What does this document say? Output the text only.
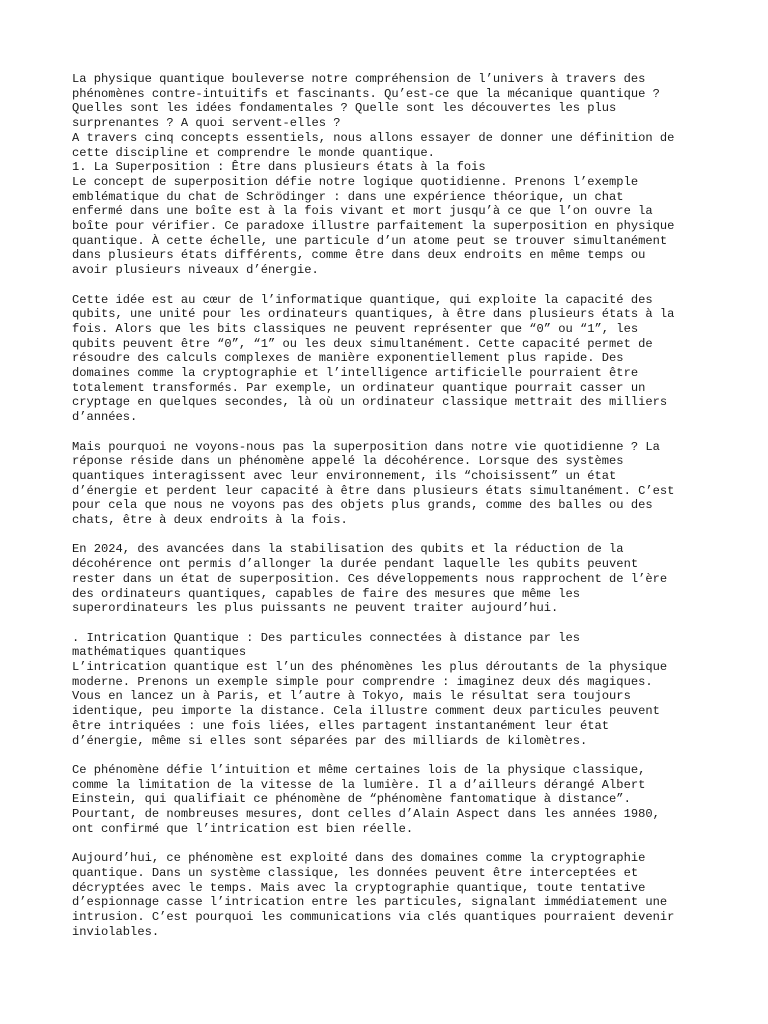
La physique quantique bouleverse notre compréhension de l’univers à travers des
phénomènes contre-intuitifs et fascinants. Qu’est-ce que la mécanique quantique ?
Quelles sont les idées fondamentales ? Quelle sont les découvertes les plus
surprenantes ? A quoi servent-elles ?

A travers cinq concepts essentiels, nous allons essayer de donner une définition de
cette discipline et comprendre le monde quantique.

1. La Superposition : Être dans plusieurs états à la fois

Le concept de superposition défie notre logique quotidienne. Prenons l’exemple
emblématique du chat de Schrödinger : dans une expérience théorique, un chat
enfermé dans une boîte est à la fois vivant et mort jusqu’à ce que l’on ouvre la
boîte pour vérifier. Ce paradoxe illustre parfaitement la superposition en physique
quantique. À cette échelle, une particule d’un atome peut se trouver simultanément
dans plusieurs états différents, comme être dans deux endroits en même temps ou
avoir plusieurs niveaux d’énergie.

Cette idée est au cœur de l’informatique quantique, qui exploite la capacité des
qubits, une unité pour les ordinateurs quantiques, à être dans plusieurs états à la
fois. Alors que les bits classiques ne peuvent représenter que “0” ou “1”, les
qubits peuvent être “0”, “1” ou les deux simultanément. Cette capacité permet de
résoudre des calculs complexes de manière exponentiellement plus rapide. Des
domaines comme la cryptographie et l’intelligence artificielle pourraient être
totalement transformés. Par exemple, un ordinateur quantique pourrait casser un
cryptage en quelques secondes, là où un ordinateur classique mettrait des milliers
d’années.

Mais pourquoi ne voyons-nous pas la superposition dans notre vie quotidienne ? La
réponse réside dans un phénomène appelé la décohérence. Lorsque des systèmes
quantiques interagissent avec leur environnement, ils “choisissent” un état
d’énergie et perdent leur capacité à être dans plusieurs états simultanément. C’est
pour cela que nous ne voyons pas des objets plus grands, comme des balles ou des
chats, être à deux endroits à la fois.

En 2024, des avancées dans la stabilisation des qubits et la réduction de la
décohérence ont permis d’allonger la durée pendant laquelle les qubits peuvent
rester dans un état de superposition. Ces développements nous rapprochent de l’ère
des ordinateurs quantiques, capables de faire des mesures que même les
superordinateurs les plus puissants ne peuvent traiter aujourd’hui.

. Intrication Quantique : Des particules connectées à distance par les
mathématiques quantiques

L’intrication quantique est l’un des phénomènes les plus déroutants de la physique
moderne. Prenons un exemple simple pour comprendre : imaginez deux dés magiques.
Vous en lancez un à Paris, et l’autre à Tokyo, mais le résultat sera toujours
identique, peu importe la distance. Cela illustre comment deux particules peuvent
être intriquées : une fois liées, elles partagent instantanément leur état
d’énergie, même si elles sont séparées par des milliards de kilomètres.

Ce phénomène défie l’intuition et même certaines lois de la physique classique,
comme la limitation de la vitesse de la lumière. Il a d’ailleurs dérangé Albert
Einstein, qui qualifiait ce phénomène de “phénomène fantomatique à distance”.
Pourtant, de nombreuses mesures, dont celles d’Alain Aspect dans les années 1980,
ont confirmé que l’intrication est bien réelle.

Aujourd’hui, ce phénomène est exploité dans des domaines comme la cryptographie
quantique. Dans un système classique, les données peuvent être interceptées et
décryptées avec le temps. Mais avec la cryptographie quantique, toute tentative
d’espionnage casse l’intrication entre les particules, signalant immédiatement une
intrusion. C’est pourquoi les communications via clés quantiques pourraient devenir
inviolables.
